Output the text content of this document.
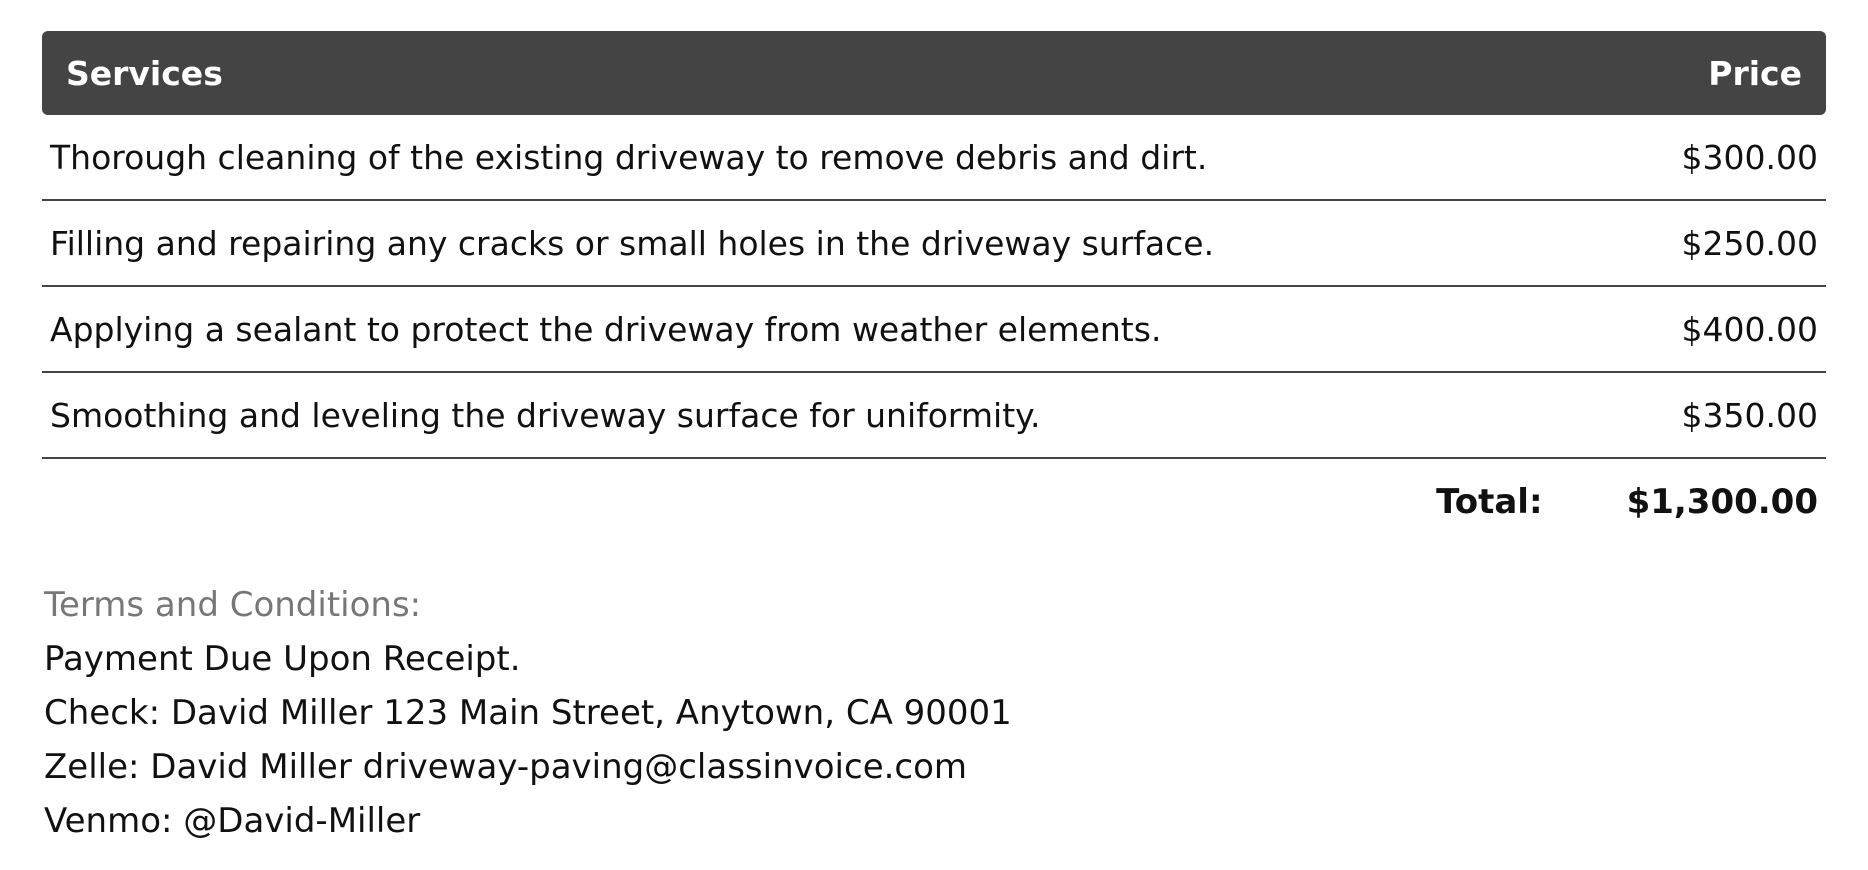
Services	Price
Thorough cleaning of the existing driveway to remove debris and dirt.	$300.00
Filling and repairing any cracks or small holes in the driveway surface.	$250.00
Applying a sealant to protect the driveway from weather elements.	$400.00
Smoothing and leveling the driveway surface for uniformity.	$350.00
Total: $1,300.00
Terms and Conditions:
Payment Due Upon Receipt.
Check: David Miller 123 Main Street, Anytown, CA 90001
Zelle: David Miller driveway-paving@classinvoice.com
Venmo: @David-Miller
